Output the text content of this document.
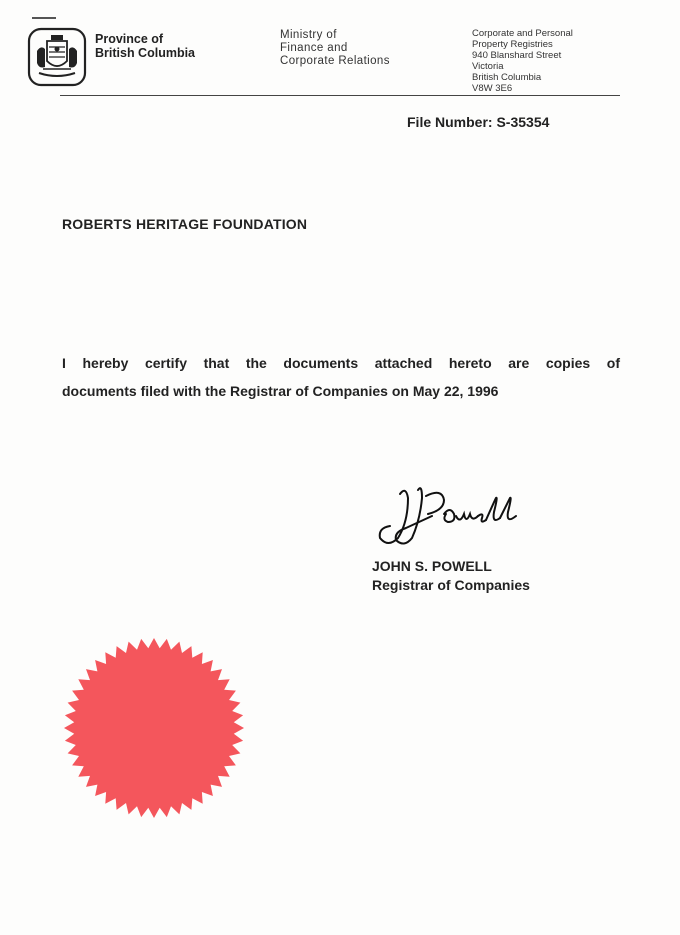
Province of
British Columbia
Ministry of
Finance and
Corporate Relations
Corporate and Personal
Property Registries
940 Blanshard Street
Victoria
British Columbia
V8W 3E6
File Number: S-35354
ROBERTS HERITAGE FOUNDATION
I hereby certify that the documents attached hereto are copies of
documents filed with the Registrar of Companies on May 22, 1996
JOHN S. POWELL
Registrar of Companies
